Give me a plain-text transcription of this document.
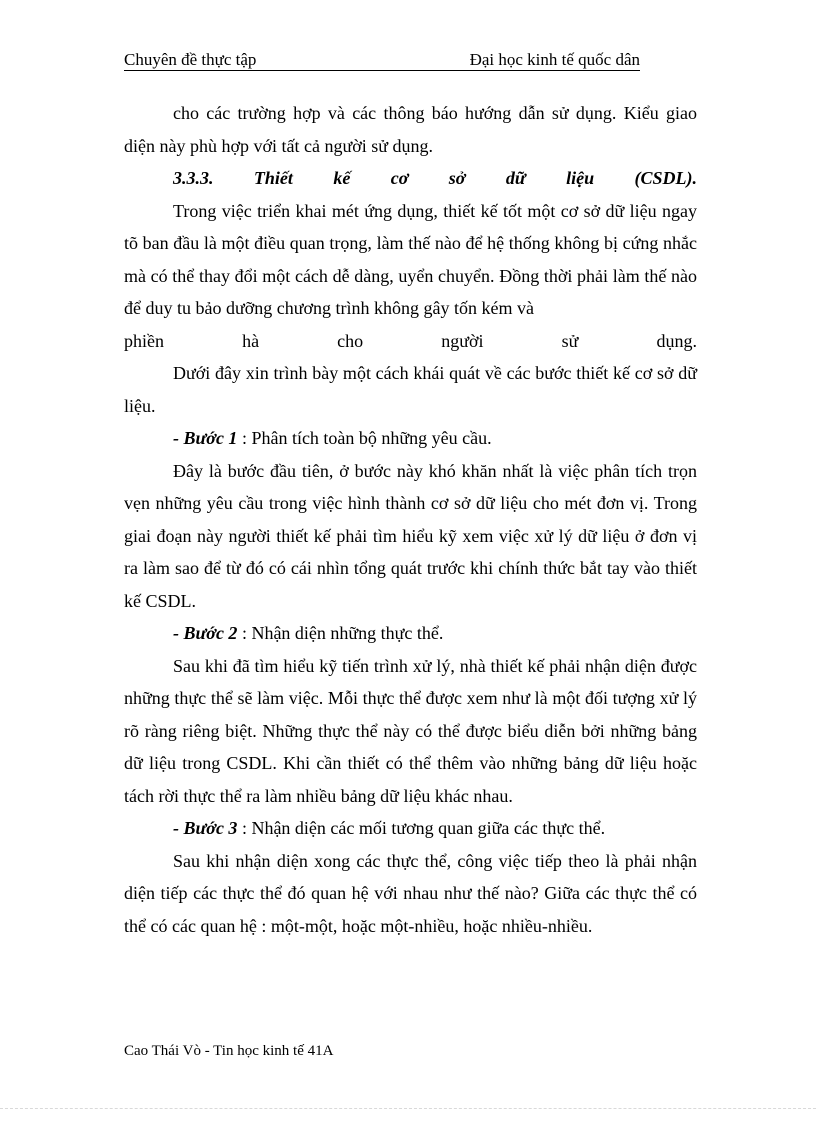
Chuyên đề thực tập	Đại học kinh tế quốc dân

cho các trường hợp và các thông báo hướng dẫn sử dụng. Kiểu giao

diện này phù hợp với tất cả người sử dụng.

3.3.3. Thiết kế cơ sở dữ liệu (CSDL).

Trong việc triển khai mét ứng dụng, thiết kế tốt một cơ sở dữ liệu ngay tõ ban đầu là một điều quan trọng, làm thế nào để hệ thống không bị cứng nhắc mà có thể thay đổi một cách dễ dàng, uyển chuyển. Đồng thời phải làm thế nào để duy tu bảo dưỡng chương trình không gây tốn kém và

phiền hà cho người sử dụng.

Dưới đây xin trình bày một cách khái quát về các bước thiết kế cơ sở dữ liệu.

- Bước 1 : Phân tích toàn bộ những yêu cầu.

Đây là bước đầu tiên, ở bước này khó khăn nhất là việc phân tích trọn vẹn những yêu cầu trong việc hình thành cơ sở dữ liệu cho mét đơn vị. Trong giai đoạn này người thiết kế phải tìm hiểu kỹ xem việc xử lý dữ liệu ở đơn vị ra làm sao để từ đó có cái nhìn tổng quát trước khi chính thức bắt tay vào thiết kế CSDL.

- Bước 2 : Nhận diện những thực thể.

Sau khi đã tìm hiểu kỹ tiến trình xử lý, nhà thiết kế phải nhận diện được những thực thể sẽ làm việc. Mỗi thực thể được xem như là một đối tượng xử lý rõ ràng riêng biệt. Những thực thể này có thể được biểu diễn bởi những bảng dữ liệu trong CSDL. Khi cần thiết có thể thêm vào những bảng dữ liệu hoặc tách rời thực thể ra làm nhiều bảng dữ liệu khác nhau.

- Bước 3 : Nhận diện các mối tương quan giữa các thực thể.

Sau khi nhận diện xong các thực thể, công việc tiếp theo là phải nhận diện tiếp các thực thể đó quan hệ với nhau như thế nào? Giữa các thực thể có thể có các quan hệ : một-một, hoặc một-nhiều, hoặc nhiều-nhiều.

Cao Thái Vò - Tin học kinh tế 41A
